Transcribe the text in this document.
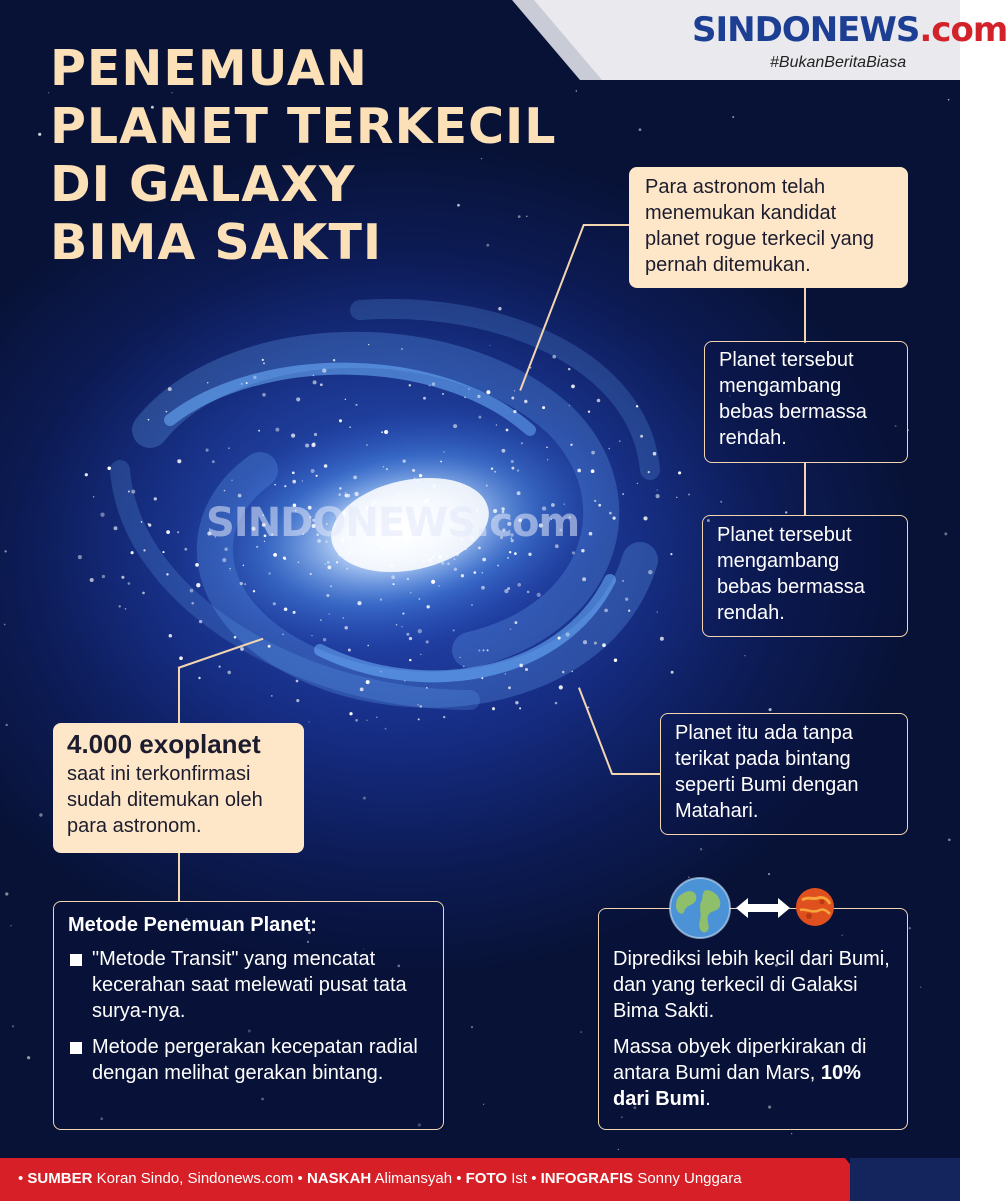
PENEMUAN
PLANET TERKECIL
DI GALAXY
BIMA SAKTI
SINDONEWS.com
#BukanBeritaBiasa
SINDONEWS.com
Para astronom telah menemukan kandidat planet rogue terkecil yang pernah ditemukan.
Planet tersebut mengambang bebas bermassa rendah.
Planet tersebut mengambang bebas bermassa rendah.
Planet itu ada tanpa terikat pada bintang seperti Bumi dengan Matahari.
4.000 exoplanet
saat ini terkonfirmasi sudah ditemukan oleh para astronom.
Metode Penemuan Planet:
"Metode Transit" yang mencatat kecerahan saat melewati pusat tata surya-nya.
Metode pergerakan kecepatan radial dengan melihat gerakan bintang.
Diprediksi lebih kecil dari Bumi, dan yang terkecil di Galaksi Bima Sakti.
Massa obyek diperkirakan di antara Bumi dan Mars, 10% dari Bumi.
• SUMBER Koran Sindo, Sindonews.com • NASKAH Alimansyah • FOTO Ist • INFOGRAFIS Sonny Unggara
